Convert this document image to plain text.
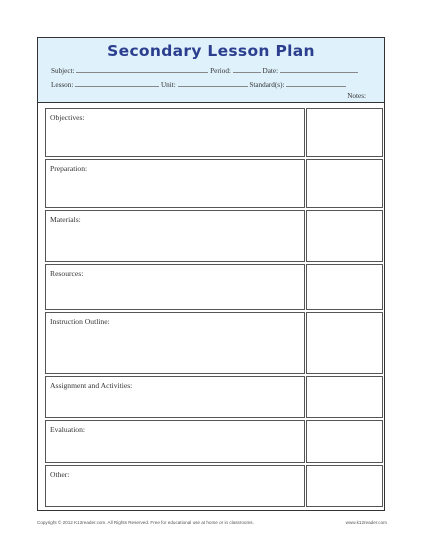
Secondary Lesson Plan
Subject:	Period:	Date:
Lesson:	Unit:	Standard(s):
Notes:
Objectives:
Preparation:
Materials:
Resources:
Instruction Outline:
Assignment and Activities:
Evaluation:
Other:
Copyright © 2012 K12reader.com. All Rights Reserved. Free for educational use at home or in classrooms.	www.k12reader.com
